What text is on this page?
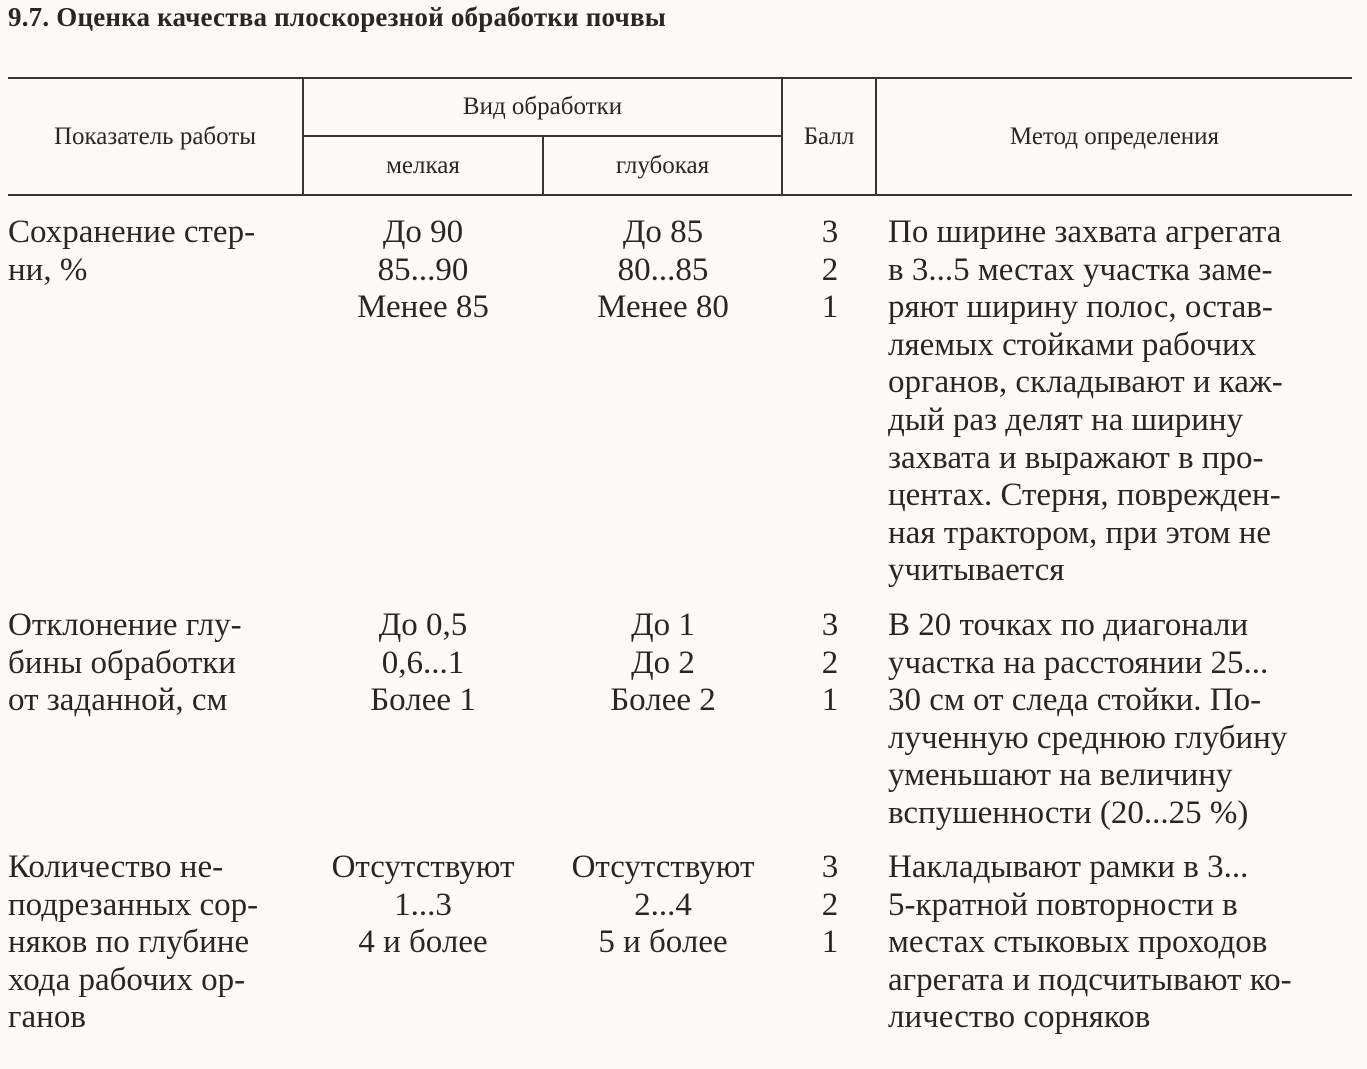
9.7. Оценка качества плоскорезной обработки почвы
Показатель работы
Вид обработки
мелкая	глубокая
Балл	Метод определения
Сохранение стер-
ни, %
До 90
85...90
Менее 85
До 85
80...85
Менее 80
3
2
1
По ширине захвата агрегата
в 3...5 местах участка заме-
ряют ширину полос, остав-
ляемых стойками рабочих
органов, складывают и каж-
дый раз делят на ширину
захвата и выражают в про-
центах. Стерня, поврежден-
ная трактором, при этом не
учитывается
Отклонение глу-
бины обработки
от заданной, см
До 0,5
0,6...1
Более 1
До 1
До 2
Более 2
3
2
1
В 20 точках по диагонали
участка на расстоянии 25...
30 см от следа стойки. По-
лученную среднюю глубину
уменьшают на величину
вспушенности (20...25 %)
Количество не-
подрезанных сор-
няков по глубине
хода рабочих ор-
ганов
Отсутствуют
1...3
4 и более
Отсутствуют
2...4
5 и более
3
2
1
Накладывают рамки в 3...
5-кратной повторности в
местах стыковых проходов
агрегата и подсчитывают ко-
личество сорняков
